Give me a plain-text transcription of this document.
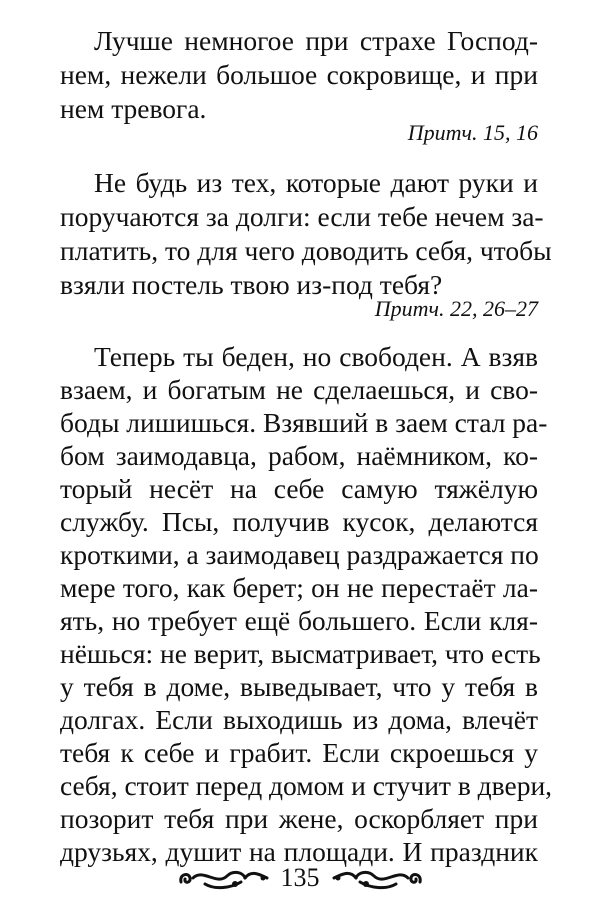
Лучше немногое при страхе Господ-
нем, нежели большое сокровище, и при
нем тревога.
Притч. 15, 16
Не будь из тех, которые дают руки и
поручаются за долги: если тебе нечем за-
платить, то для чего доводить себя, чтобы
взяли постель твою из-под тебя?
Притч. 22, 26–27
Теперь ты беден, но свободен. А взяв
взаем, и богатым не сделаешься, и сво-
боды лишишься. Взявший в заем стал ра-
бом заимодавца, рабом, наёмником, ко-
торый несёт на себе самую тяжёлую
службу. Псы, получив кусок, делаются
кроткими, а заимодавец раздражается по
мере того, как берет; он не перестаёт ла-
ять, но требует ещё большего. Если кля-
нёшься: не верит, высматривает, что есть
у тебя в доме, выведывает, что у тебя в
долгах. Если выходишь из дома, влечёт
тебя к себе и грабит. Если скроешься у
себя, стоит перед домом и стучит в двери,
позорит тебя при жене, оскорбляет при
друзьях, душит на площади. И праздник
135
